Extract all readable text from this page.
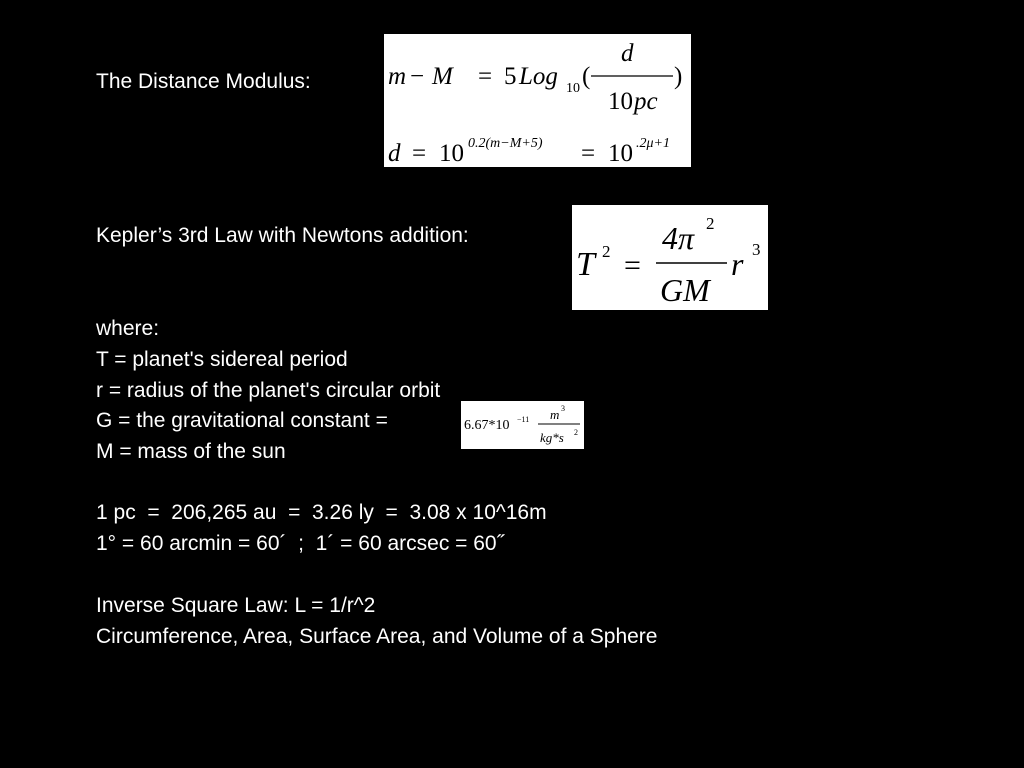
The Distance Modulus:	m − M = 5 Log 10 (
d
10 pc
)
d = 10 0.2(m−M+5) = 10 .2μ+1
Kepler’s 3rd Law with Newtons addition:
T 2 =
4π 2
GM
r 3
where:
T = planet's sidereal period
r = radius of the planet's circular orbit
G = the gravitational constant =	6.67*10 −11 m 3
kg*s 2
M = mass of the sun
1 pc  =  206,265 au  =  3.26 ly  =  3.08 x 10^16m
1° = 60 arcmin = 60´  ;  1´ = 60 arcsec = 60˝
Inverse Square Law: L = 1/r^2
Circumference, Area, Surface Area, and Volume of a Sphere
